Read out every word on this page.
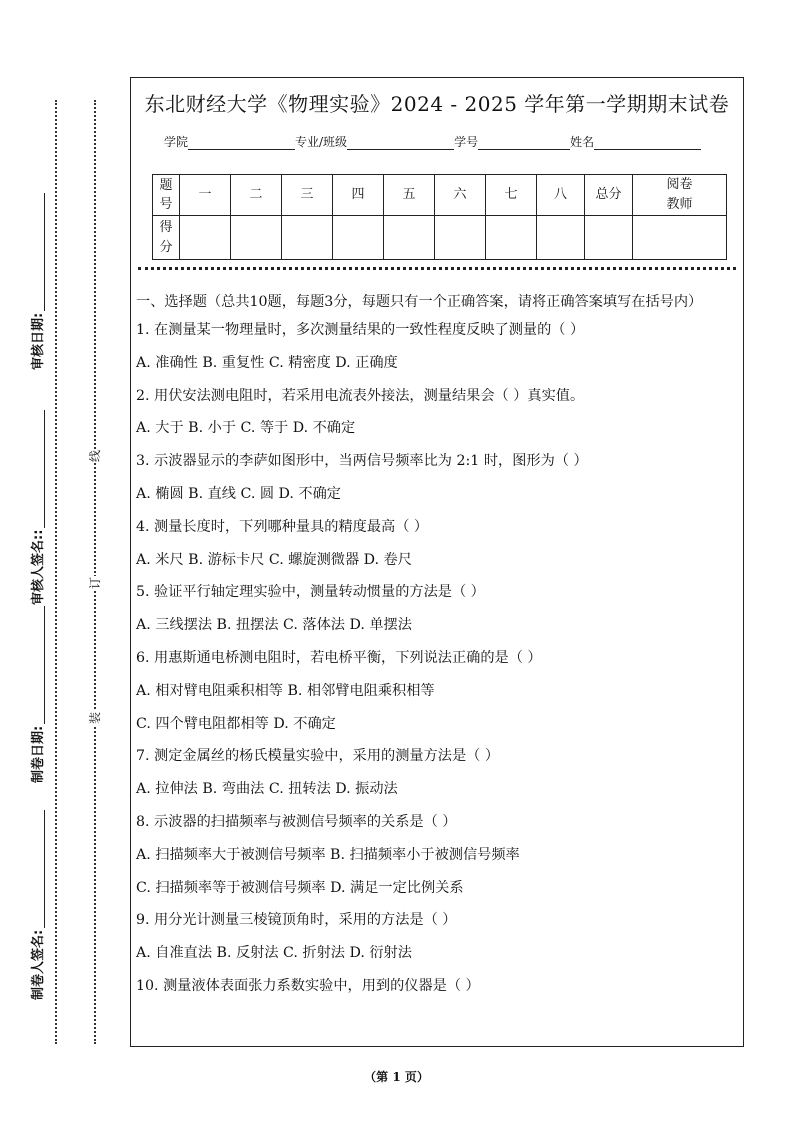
审核日期:
审核人签名::
制卷日期:
制卷人签名:
线
订
装
东北财经大学《物理实验》2024 - 2025 学年第一学期期末试卷
学院	专业/班级	学号	姓名
题号	一	二	三	四	五	六	七	八	总分	阅卷教师
得分										
一、选择题（总共10题，每题3分，每题只有一个正确答案，请将正确答案填写在括号内）
1. 在测量某一物理量时，多次测量结果的一致性程度反映了测量的（ ）
A. 准确性 B. 重复性 C. 精密度 D. 正确度
2. 用伏安法测电阻时，若采用电流表外接法，测量结果会（ ）真实值。
A. 大于 B. 小于 C. 等于 D. 不确定
3. 示波器显示的李萨如图形中，当两信号频率比为 2:1 时，图形为（ ）
A. 椭圆 B. 直线 C. 圆 D. 不确定
4. 测量长度时，下列哪种量具的精度最高（ ）
A. 米尺 B. 游标卡尺 C. 螺旋测微器 D. 卷尺
5. 验证平行轴定理实验中，测量转动惯量的方法是（ ）
A. 三线摆法 B. 扭摆法 C. 落体法 D. 单摆法
6. 用惠斯通电桥测电阻时，若电桥平衡，下列说法正确的是（ ）
A. 相对臂电阻乘积相等 B. 相邻臂电阻乘积相等
C. 四个臂电阻都相等 D. 不确定
7. 测定金属丝的杨氏模量实验中，采用的测量方法是（ ）
A. 拉伸法 B. 弯曲法 C. 扭转法 D. 振动法
8. 示波器的扫描频率与被测信号频率的关系是（ ）
A. 扫描频率大于被测信号频率 B. 扫描频率小于被测信号频率
C. 扫描频率等于被测信号频率 D. 满足一定比例关系
9. 用分光计测量三棱镜顶角时，采用的方法是（ ）
A. 自准直法 B. 反射法 C. 折射法 D. 衍射法
10. 测量液体表面张力系数实验中，用到的仪器是（ ）
（第 1 页）
